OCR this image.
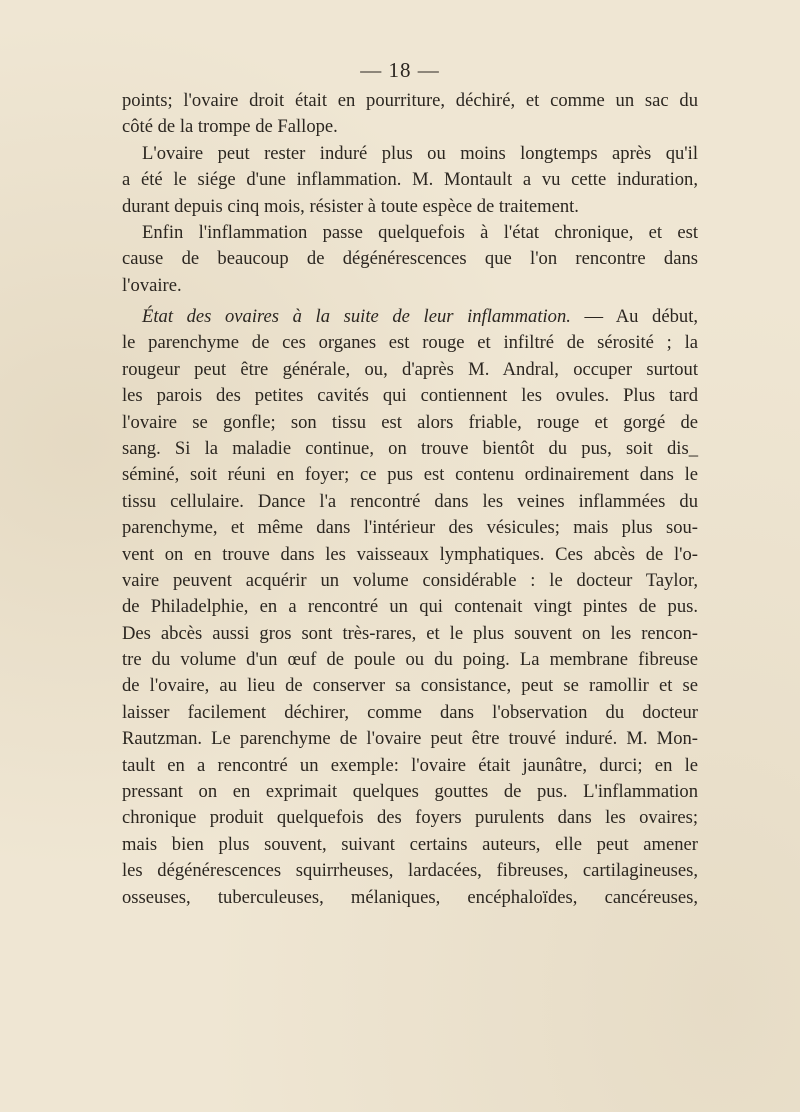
— 18 —
points; l'ovaire droit était en pourriture, déchiré, et comme un sac du
côté de la trompe de Fallope.
L'ovaire peut rester induré plus ou moins longtemps après qu'il
a été le siége d'une inflammation. M. Montault a vu cette induration,
durant depuis cinq mois, résister à toute espèce de traitement.
Enfin l'inflammation passe quelquefois à l'état chronique, et est
cause de beaucoup de dégénérescences que l'on rencontre dans
l'ovaire.
État des ovaires à la suite de leur inflammation. — Au début,
le parenchyme de ces organes est rouge et infiltré de sérosité ; la
rougeur peut être générale, ou, d'après M. Andral, occuper surtout
les parois des petites cavités qui contiennent les ovules. Plus tard
l'ovaire se gonfle; son tissu est alors friable, rouge et gorgé de
sang. Si la maladie continue, on trouve bientôt du pus, soit dis_
séminé, soit réuni en foyer; ce pus est contenu ordinairement dans le
tissu cellulaire. Dance l'a rencontré dans les veines inflammées du
parenchyme, et même dans l'intérieur des vésicules; mais plus sou-
vent on en trouve dans les vaisseaux lymphatiques. Ces abcès de l'o-
vaire peuvent acquérir un volume considérable : le docteur Taylor,
de Philadelphie, en a rencontré un qui contenait vingt pintes de pus.
Des abcès aussi gros sont très-rares, et le plus souvent on les rencon-
tre du volume d'un œuf de poule ou du poing. La membrane fibreuse
de l'ovaire, au lieu de conserver sa consistance, peut se ramollir et se
laisser facilement déchirer, comme dans l'observation du docteur
Rautzman. Le parenchyme de l'ovaire peut être trouvé induré. M. Mon-
tault en a rencontré un exemple: l'ovaire était jaunâtre, durci; en le
pressant on en exprimait quelques gouttes de pus. L'inflammation
chronique produit quelquefois des foyers purulents dans les ovaires;
mais bien plus souvent, suivant certains auteurs, elle peut amener
les dégénérescences squirrheuses, lardacées, fibreuses, cartilagineuses,
osseuses, tuberculeuses, mélaniques, encéphaloïdes, cancéreuses,
